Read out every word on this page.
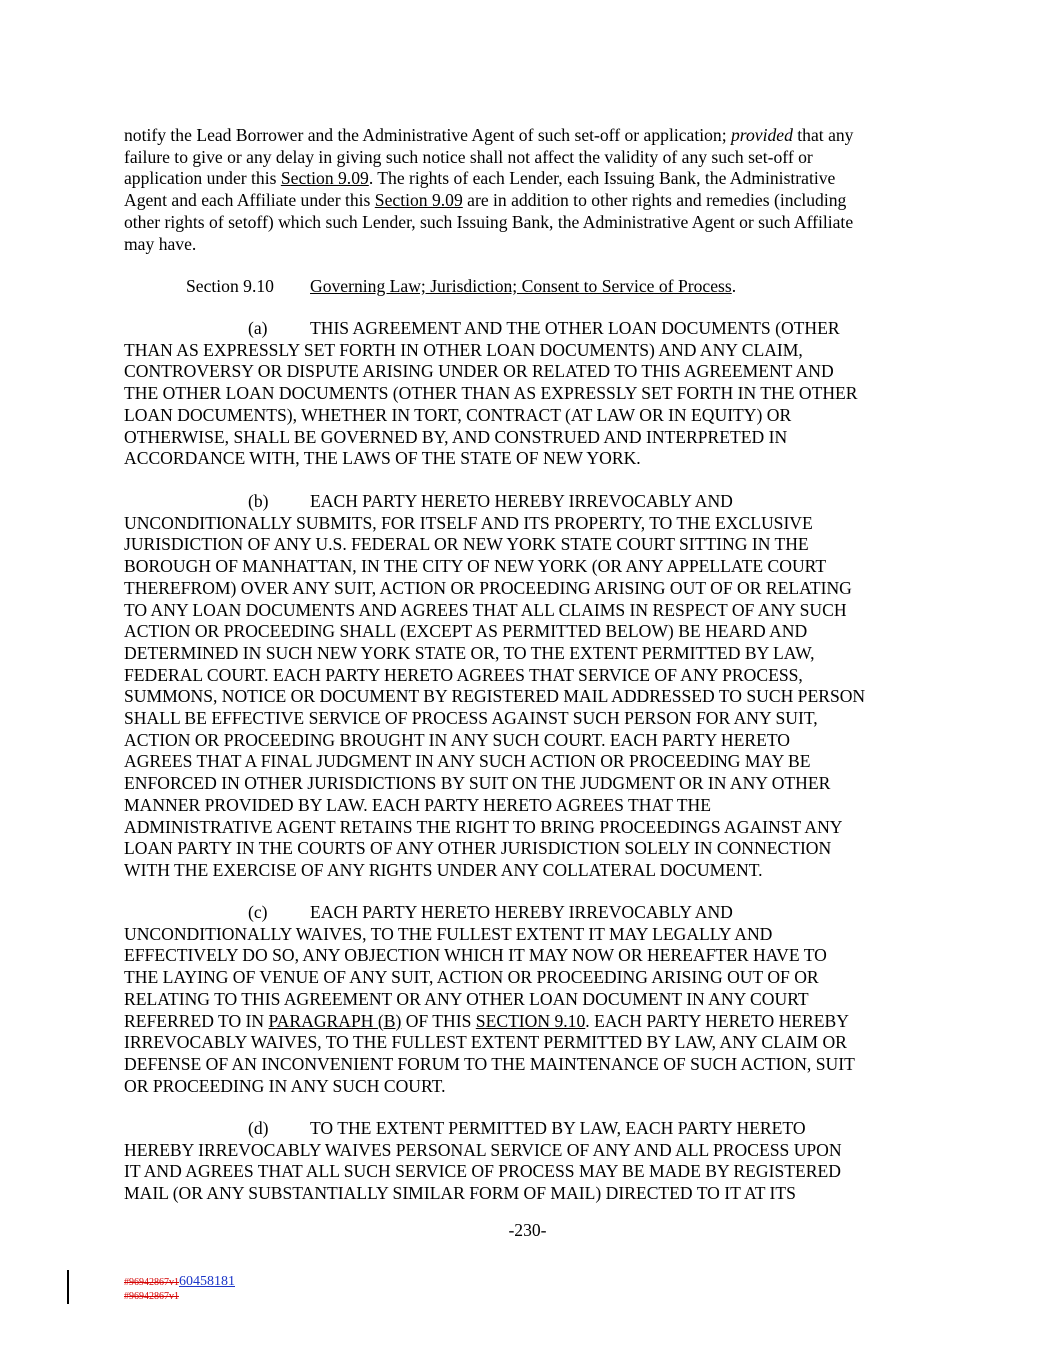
notify the Lead Borrower and the Administrative Agent of such set-off or application; provided that any
failure to give or any delay in giving such notice shall not affect the validity of any such set-off or
application under this Section 9.09. The rights of each Lender, each Issuing Bank, the Administrative
Agent and each Affiliate under this Section 9.09 are in addition to other rights and remedies (including
other rights of setoff) which such Lender, such Issuing Bank, the Administrative Agent or such Affiliate
may have.
Section 9.10 Governing Law; Jurisdiction; Consent to Service of Process.
(a) THIS AGREEMENT AND THE OTHER LOAN DOCUMENTS (OTHER
THAN AS EXPRESSLY SET FORTH IN OTHER LOAN DOCUMENTS) AND ANY CLAIM,
CONTROVERSY OR DISPUTE ARISING UNDER OR RELATED TO THIS AGREEMENT AND
THE OTHER LOAN DOCUMENTS (OTHER THAN AS EXPRESSLY SET FORTH IN THE OTHER
LOAN DOCUMENTS), WHETHER IN TORT, CONTRACT (AT LAW OR IN EQUITY) OR
OTHERWISE, SHALL BE GOVERNED BY, AND CONSTRUED AND INTERPRETED IN
ACCORDANCE WITH, THE LAWS OF THE STATE OF NEW YORK.
(b) EACH PARTY HERETO HEREBY IRREVOCABLY AND
UNCONDITIONALLY SUBMITS, FOR ITSELF AND ITS PROPERTY, TO THE EXCLUSIVE
JURISDICTION OF ANY U.S. FEDERAL OR NEW YORK STATE COURT SITTING IN THE
BOROUGH OF MANHATTAN, IN THE CITY OF NEW YORK (OR ANY APPELLATE COURT
THEREFROM) OVER ANY SUIT, ACTION OR PROCEEDING ARISING OUT OF OR RELATING
TO ANY LOAN DOCUMENTS AND AGREES THAT ALL CLAIMS IN RESPECT OF ANY SUCH
ACTION OR PROCEEDING SHALL (EXCEPT AS PERMITTED BELOW) BE HEARD AND
DETERMINED IN SUCH NEW YORK STATE OR, TO THE EXTENT PERMITTED BY LAW,
FEDERAL COURT. EACH PARTY HERETO AGREES THAT SERVICE OF ANY PROCESS,
SUMMONS, NOTICE OR DOCUMENT BY REGISTERED MAIL ADDRESSED TO SUCH PERSON
SHALL BE EFFECTIVE SERVICE OF PROCESS AGAINST SUCH PERSON FOR ANY SUIT,
ACTION OR PROCEEDING BROUGHT IN ANY SUCH COURT. EACH PARTY HERETO
AGREES THAT A FINAL JUDGMENT IN ANY SUCH ACTION OR PROCEEDING MAY BE
ENFORCED IN OTHER JURISDICTIONS BY SUIT ON THE JUDGMENT OR IN ANY OTHER
MANNER PROVIDED BY LAW. EACH PARTY HERETO AGREES THAT THE
ADMINISTRATIVE AGENT RETAINS THE RIGHT TO BRING PROCEEDINGS AGAINST ANY
LOAN PARTY IN THE COURTS OF ANY OTHER JURISDICTION SOLELY IN CONNECTION
WITH THE EXERCISE OF ANY RIGHTS UNDER ANY COLLATERAL DOCUMENT.
(c) EACH PARTY HERETO HEREBY IRREVOCABLY AND
UNCONDITIONALLY WAIVES, TO THE FULLEST EXTENT IT MAY LEGALLY AND
EFFECTIVELY DO SO, ANY OBJECTION WHICH IT MAY NOW OR HEREAFTER HAVE TO
THE LAYING OF VENUE OF ANY SUIT, ACTION OR PROCEEDING ARISING OUT OF OR
RELATING TO THIS AGREEMENT OR ANY OTHER LOAN DOCUMENT IN ANY COURT
REFERRED TO IN PARAGRAPH (B) OF THIS SECTION 9.10. EACH PARTY HERETO HEREBY
IRREVOCABLY WAIVES, TO THE FULLEST EXTENT PERMITTED BY LAW, ANY CLAIM OR
DEFENSE OF AN INCONVENIENT FORUM TO THE MAINTENANCE OF SUCH ACTION, SUIT
OR PROCEEDING IN ANY SUCH COURT.
(d) TO THE EXTENT PERMITTED BY LAW, EACH PARTY HERETO
HEREBY IRREVOCABLY WAIVES PERSONAL SERVICE OF ANY AND ALL PROCESS UPON
IT AND AGREES THAT ALL SUCH SERVICE OF PROCESS MAY BE MADE BY REGISTERED
MAIL (OR ANY SUBSTANTIALLY SIMILAR FORM OF MAIL) DIRECTED TO IT AT ITS
-230-
#96942867v160458181
#96942867v1
